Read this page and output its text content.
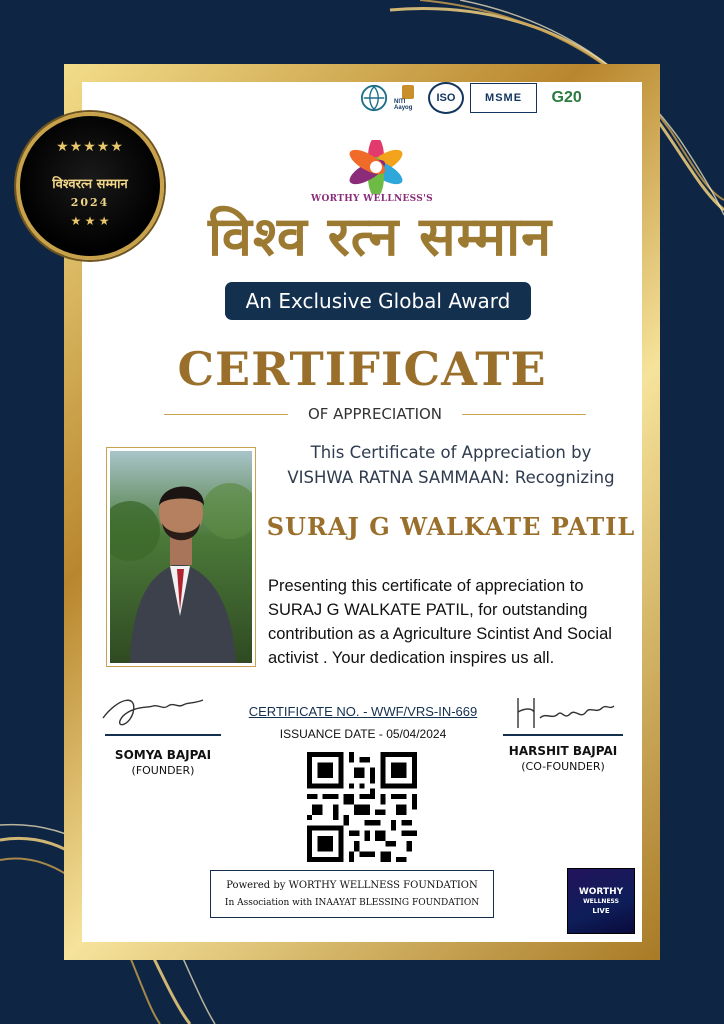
NITI Aayog
ISO	MSME	G20
★★★★★
विश्वरत्न सम्मान
2024
★ ★ ★
WORTHY WELLNESS'S
विश्व रत्न सम्मान
An Exclusive Global Award
CERTIFICATE
OF APPRECIATION
This Certificate of Appreciation by
VISHWA RATNA SAMMAAN: Recognizing
SURAJ G WALKATE PATIL
Presenting this certificate of appreciation to SURAJ G WALKATE PATIL, for outstanding contribution as a Agriculture Scintist And Social activist . Your dedication inspires us all.
SOMYA BAJPAI
(FOUNDER)
HARSHIT BAJPAI
(CO-FOUNDER)
CERTIFICATE NO. - WWF/VRS-IN-669
ISSUANCE DATE - 05/04/2024
Powered by WORTHY WELLNESS FOUNDATION
In Association with INAAYAT BLESSING FOUNDATION
WORTHY
WELLNESS
LIVE
